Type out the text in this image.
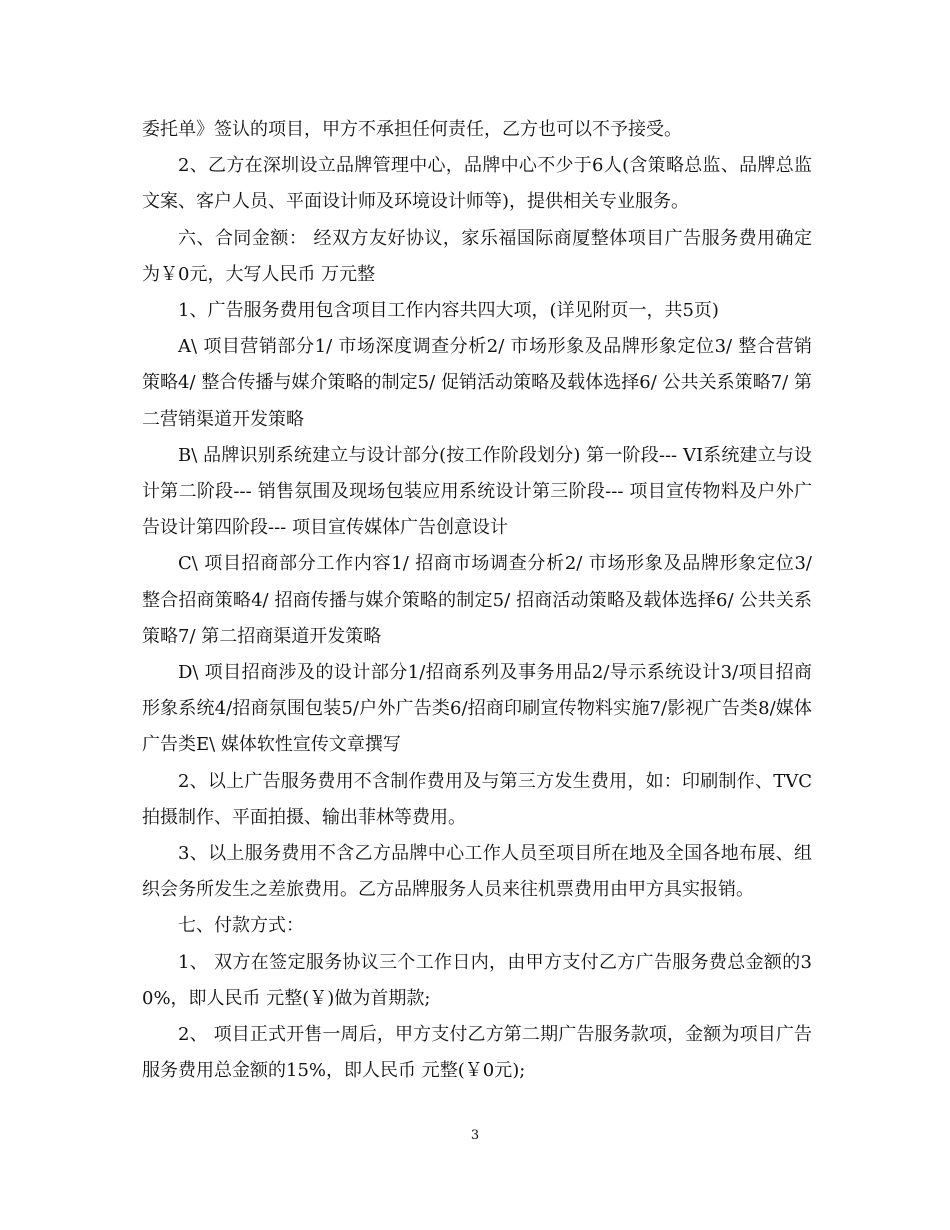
委托单》签认的项目，甲方不承担任何责任，乙方也可以不予接受。

2、乙方在深圳设立品牌管理中心，品牌中心不少于6人(含策略总监、品牌总监文案、客户人员、平面设计师及环境设计师等)，提供相关专业服务。

六、合同金额： 经双方友好协议，家乐福国际商厦整体项目广告服务费用确定为￥0元，大写人民币 万元整

1、广告服务费用包含项目工作内容共四大项，(详见附页一，共5页)

A\ 项目营销部分1/ 市场深度调查分析2/ 市场形象及品牌形象定位3/ 整合营销策略4/ 整合传播与媒介策略的制定5/ 促销活动策略及载体选择6/ 公共关系策略7/ 第二营销渠道开发策略

B\ 品牌识别系统建立与设计部分(按工作阶段划分) 第一阶段--- VI系统建立与设计第二阶段--- 销售氛围及现场包装应用系统设计第三阶段--- 项目宣传物料及户外广告设计第四阶段--- 项目宣传媒体广告创意设计

C\ 项目招商部分工作内容1/ 招商市场调查分析2/ 市场形象及品牌形象定位3/ 整合招商策略4/ 招商传播与媒介策略的制定5/ 招商活动策略及载体选择6/ 公共关系策略7/ 第二招商渠道开发策略

D\ 项目招商涉及的设计部分1/招商系列及事务用品2/导示系统设计3/项目招商形象系统4/招商氛围包装5/户外广告类6/招商印刷宣传物料实施7/影视广告类8/媒体广告类E\ 媒体软性宣传文章撰写

2、以上广告服务费用不含制作费用及与第三方发生费用，如：印刷制作、TVC拍摄制作、平面拍摄、输出菲林等费用。

3、以上服务费用不含乙方品牌中心工作人员至项目所在地及全国各地布展、组织会务所发生之差旅费用。乙方品牌服务人员来往机票费用由甲方具实报销。

七、付款方式：

1、 双方在签定服务协议三个工作日内，由甲方支付乙方广告服务费总金额的30%，即人民币 元整(￥)做为首期款;

2、 项目正式开售一周后，甲方支付乙方第二期广告服务款项，金额为项目广告服务费用总金额的15%，即人民币 元整(￥0元);

3
